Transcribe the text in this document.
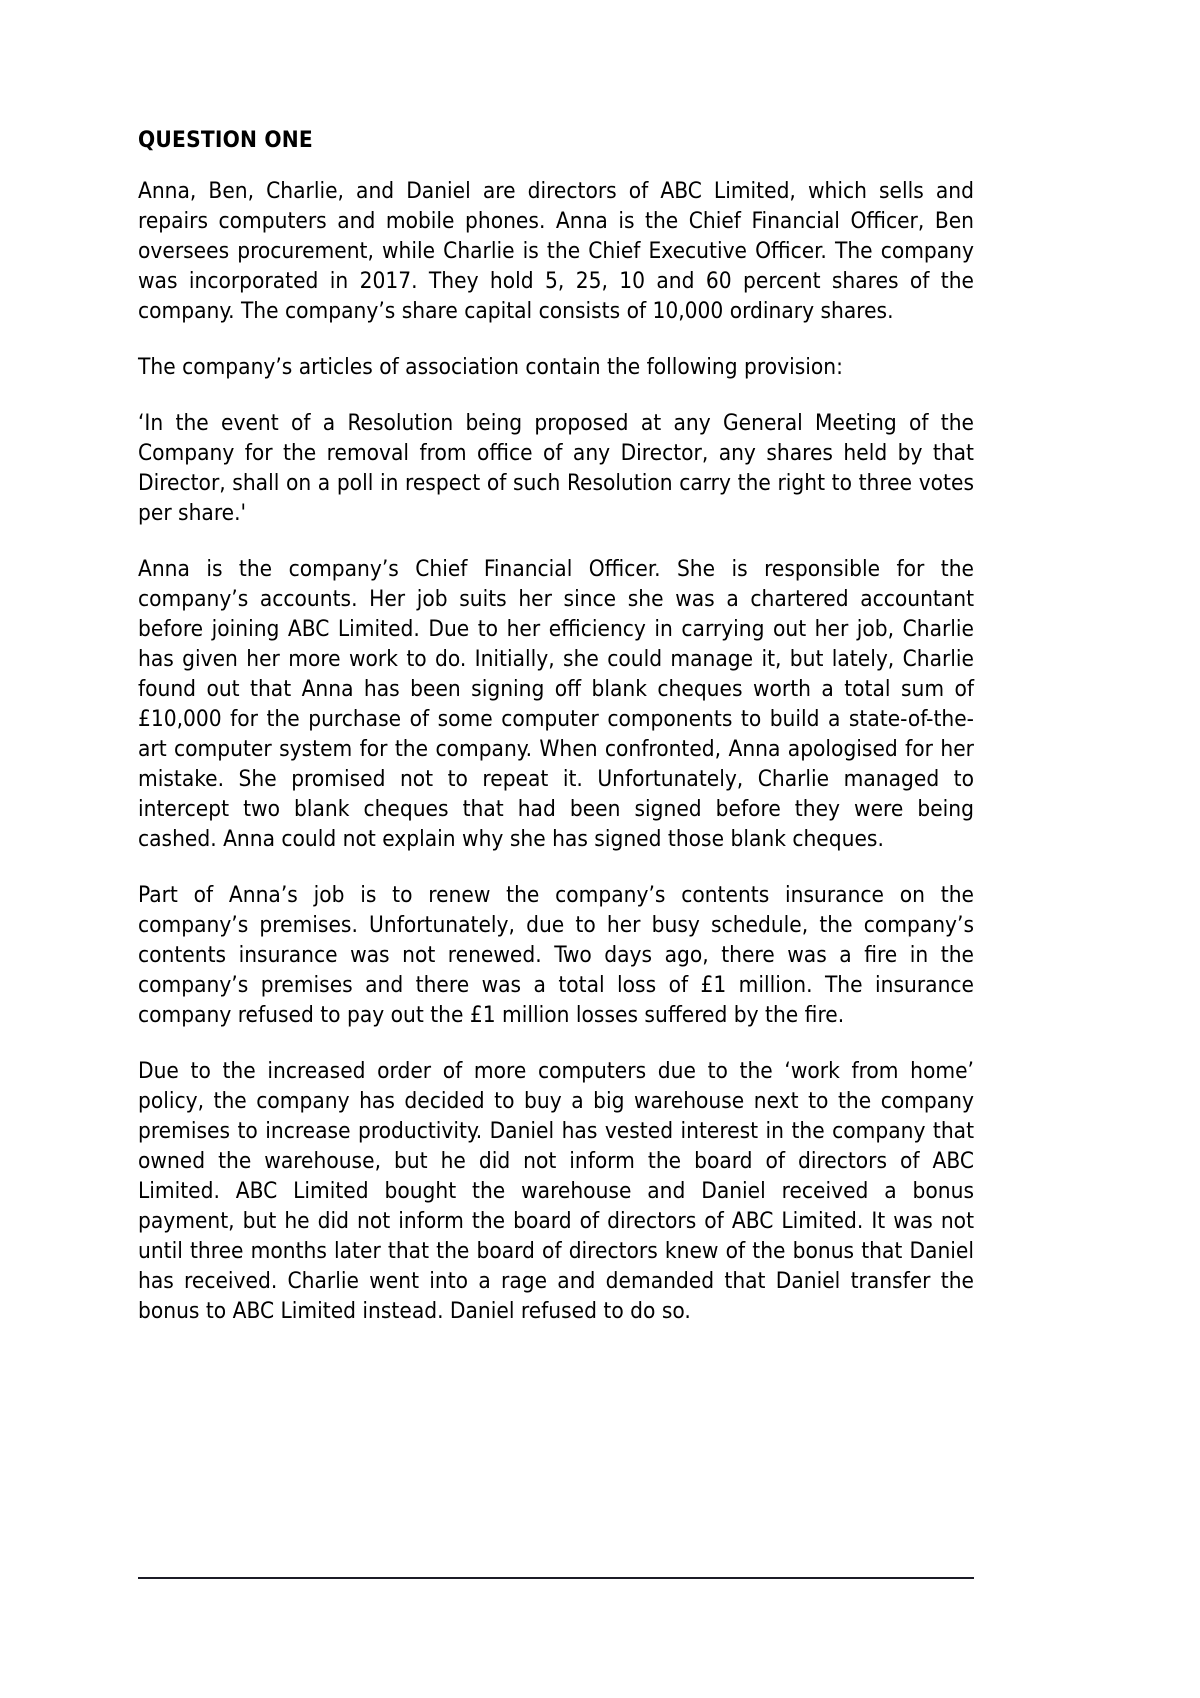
QUESTION ONE

Anna, Ben, Charlie, and Daniel are directors of ABC Limited, which sells and repairs computers and mobile phones. Anna is the Chief Financial Officer, Ben oversees procurement, while Charlie is the Chief Executive Officer. The company was incorporated in 2017. They hold 5, 25, 10 and 60 percent shares of the company. The company’s share capital consists of 10,000 ordinary shares.

The company’s articles of association contain the following provision:

‘In the event of a Resolution being proposed at any General Meeting of the Company for the removal from office of any Director, any shares held by that Director, shall on a poll in respect of such Resolution carry the right to three votes per share.'

Anna is the company’s Chief Financial Officer. She is responsible for the company’s accounts. Her job suits her since she was a chartered accountant before joining ABC Limited. Due to her efficiency in carrying out her job, Charlie has given her more work to do. Initially, she could manage it, but lately, Charlie found out that Anna has been signing off blank cheques worth a total sum of £10,000 for the purchase of some computer components to build a state-of-the-art computer system for the company. When confronted, Anna apologised for her mistake. She promised not to repeat it. Unfortunately, Charlie managed to intercept two blank cheques that had been signed before they were being cashed. Anna could not explain why she has signed those blank cheques.

Part of Anna’s job is to renew the company’s contents insurance on the company’s premises. Unfortunately, due to her busy schedule, the company’s contents insurance was not renewed. Two days ago, there was a fire in the company’s premises and there was a total loss of £1 million. The insurance company refused to pay out the £1 million losses suffered by the fire.

Due to the increased order of more computers due to the ‘work from home’ policy, the company has decided to buy a big warehouse next to the company premises to increase productivity. Daniel has vested interest in the company that owned the warehouse, but he did not inform the board of directors of ABC Limited. ABC Limited bought the warehouse and Daniel received a bonus payment, but he did not inform the board of directors of ABC Limited. It was not until three months later that the board of directors knew of the bonus that Daniel has received. Charlie went into a rage and demanded that Daniel transfer the bonus to ABC Limited instead. Daniel refused to do so.
